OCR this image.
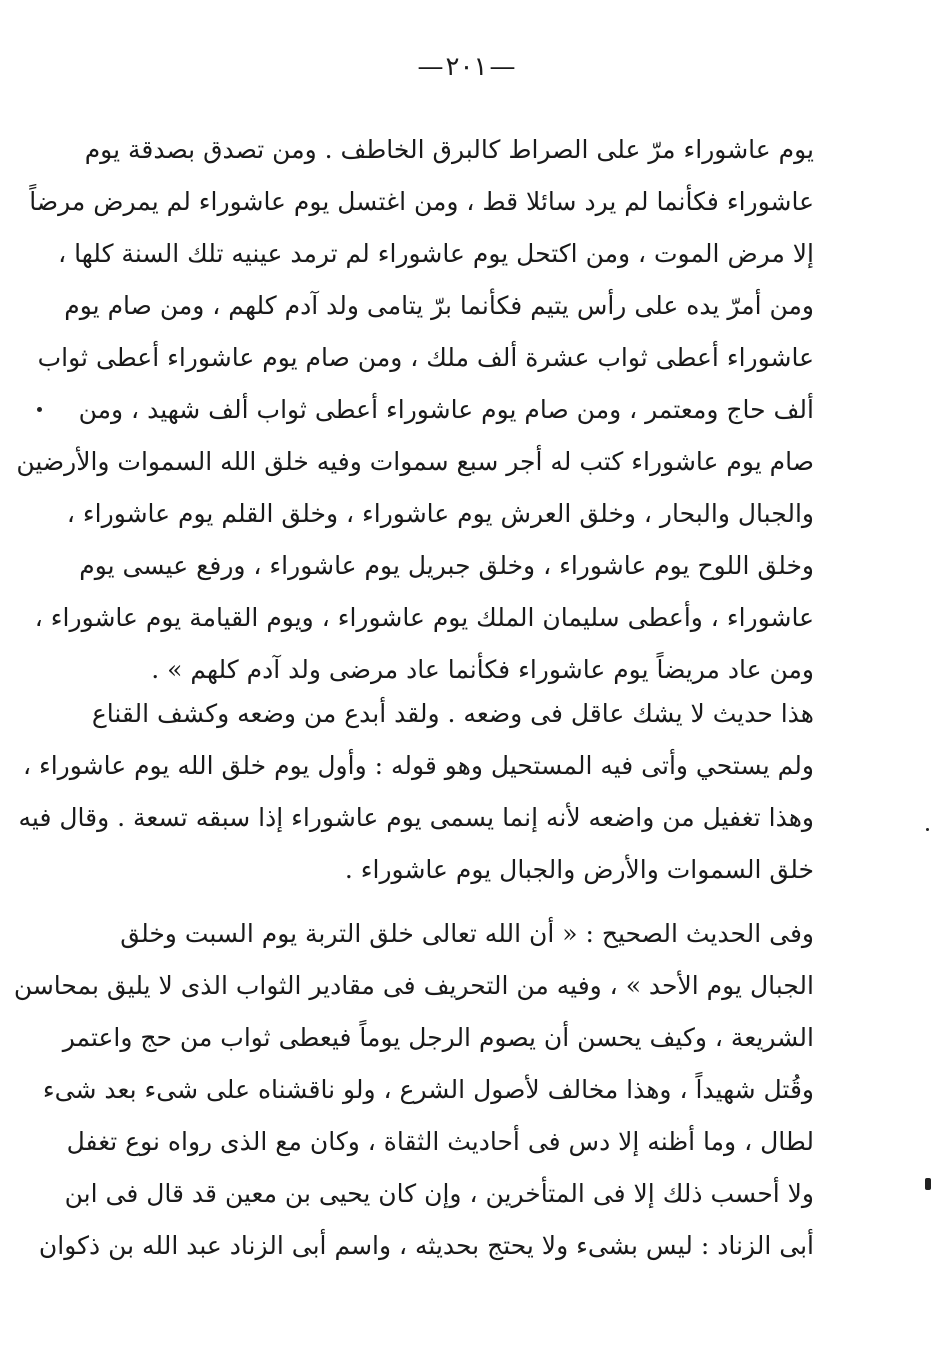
—٢٠١—
يوم عاشوراء مرّ على الصراط كالبرق الخاطف . ومن تصدق بصدقة يوم
عاشوراء فكأنما لم يرد سائلا قط ، ومن اغتسل يوم عاشوراء لم يمرض مرضاً
إلا مرض الموت ، ومن اكتحل يوم عاشوراء لم ترمد عينيه تلك السنة كلها ،
ومن أمرّ يده على رأس يتيم فكأنما برّ يتامى ولد آدم كلهم ، ومن صام يوم
عاشوراء أعطى ثواب عشرة ألف ملك ، ومن صام يوم عاشوراء أعطى ثواب
ألف حاج ومعتمر ، ومن صام يوم عاشوراء أعطى ثواب ألف شهيد ، ومن
صام يوم عاشوراء كتب له أجر سبع سموات وفيه خلق الله السموات والأرضين
والجبال والبحار ، وخلق العرش يوم عاشوراء ، وخلق القلم يوم عاشوراء ،
وخلق اللوح يوم عاشوراء ، وخلق جبريل يوم عاشوراء ، ورفع عيسى يوم
عاشوراء ، وأعطى سليمان الملك يوم عاشوراء ، ويوم القيامة يوم عاشوراء ،
ومن عاد مريضاً يوم عاشوراء فكأنما عاد مرضى ولد آدم كلهم » .
هذا حديث لا يشك عاقل فى وضعه . ولقد أبدع من وضعه وكشف القناع
ولم يستحي وأتى فيه المستحيل وهو قوله : وأول يوم خلق الله يوم عاشوراء ،
وهذا تغفيل من واضعه لأنه إنما يسمى يوم عاشوراء إذا سبقه تسعة . وقال فيه
خلق السموات والأرض والجبال يوم عاشوراء .
وفى الحديث الصحيح : « أن الله تعالى خلق التربة يوم السبت وخلق
الجبال يوم الأحد » ، وفيه من التحريف فى مقادير الثواب الذى لا يليق بمحاسن
الشريعة ، وكيف يحسن أن يصوم الرجل يوماً فيعطى ثواب من حج واعتمر
وقُتل شهيداً ، وهذا مخالف لأصول الشرع ، ولو ناقشناه على شىء بعد شىء
لطال ، وما أظنه إلا دس فى أحاديث الثقاة ، وكان مع الذى رواه نوع تغفل
ولا أحسب ذلك إلا فى المتأخرين ، وإن كان يحيى بن معين قد قال فى ابن
أبى الزناد : ليس بشىء ولا يحتج بحديثه ، واسم أبى الزناد عبد الله بن ذكوان
